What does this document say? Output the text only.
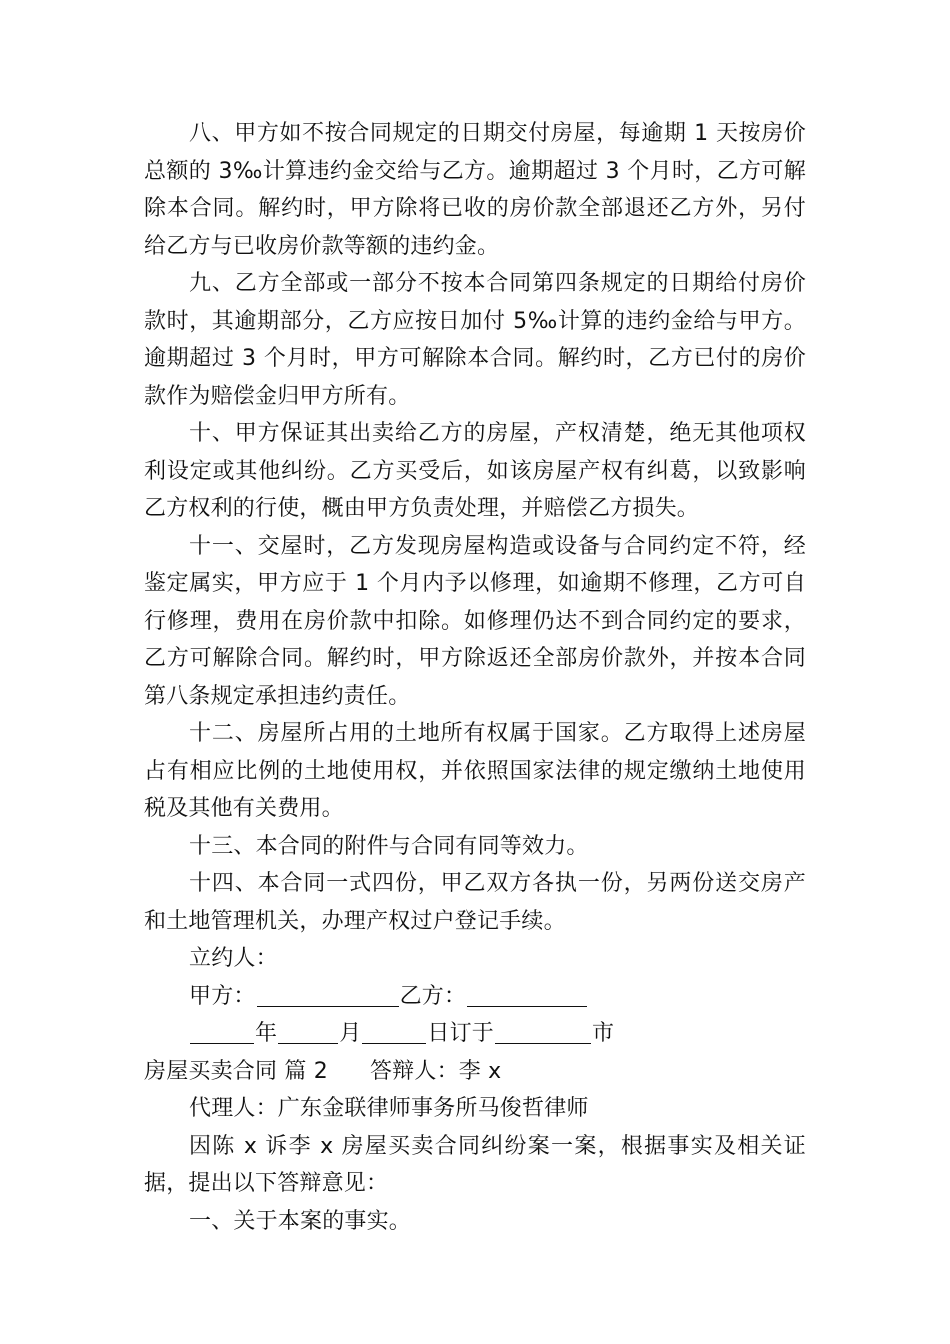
八、甲方如不按合同规定的日期交付房屋，每逾期 1 天按房价总额的 3‰计算违约金交给与乙方。逾期超过 3 个月时，乙方可解除本合同。解约时，甲方除将已收的房价款全部退还乙方外，另付给乙方与已收房价款等额的违约金。

九、乙方全部或一部分不按本合同第四条规定的日期给付房价款时，其逾期部分，乙方应按日加付 5‰计算的违约金给与甲方。逾期超过 3 个月时，甲方可解除本合同。解约时，乙方已付的房价款作为赔偿金归甲方所有。

十、甲方保证其出卖给乙方的房屋，产权清楚，绝无其他项权利设定或其他纠纷。乙方买受后，如该房屋产权有纠葛，以致影响乙方权利的行使，概由甲方负责处理，并赔偿乙方损失。

十一、交屋时，乙方发现房屋构造或设备与合同约定不符，经鉴定属实，甲方应于 1 个月内予以修理，如逾期不修理，乙方可自行修理，费用在房价款中扣除。如修理仍达不到合同约定的要求，乙方可解除合同。解约时，甲方除返还全部房价款外，并按本合同第八条规定承担违约责任。

十二、房屋所占用的土地所有权属于国家。乙方取得上述房屋占有相应比例的土地使用权，并依照国家法律的规定缴纳土地使用税及其他有关费用。

十三、本合同的附件与合同有同等效力。

十四、本合同一式四份，甲乙双方各执一份，另两份送交房产和土地管理机关，办理产权过户登记手续。

立约人：

甲方：	乙方：

年	月	日订于	市

房屋买卖合同 篇 2 答辩人：李 x

代理人：广东金联律师事务所马俊哲律师

因陈 x 诉李 x 房屋买卖合同纠纷案一案，根据事实及相关证据，提出以下答辩意见：

一、关于本案的事实。
